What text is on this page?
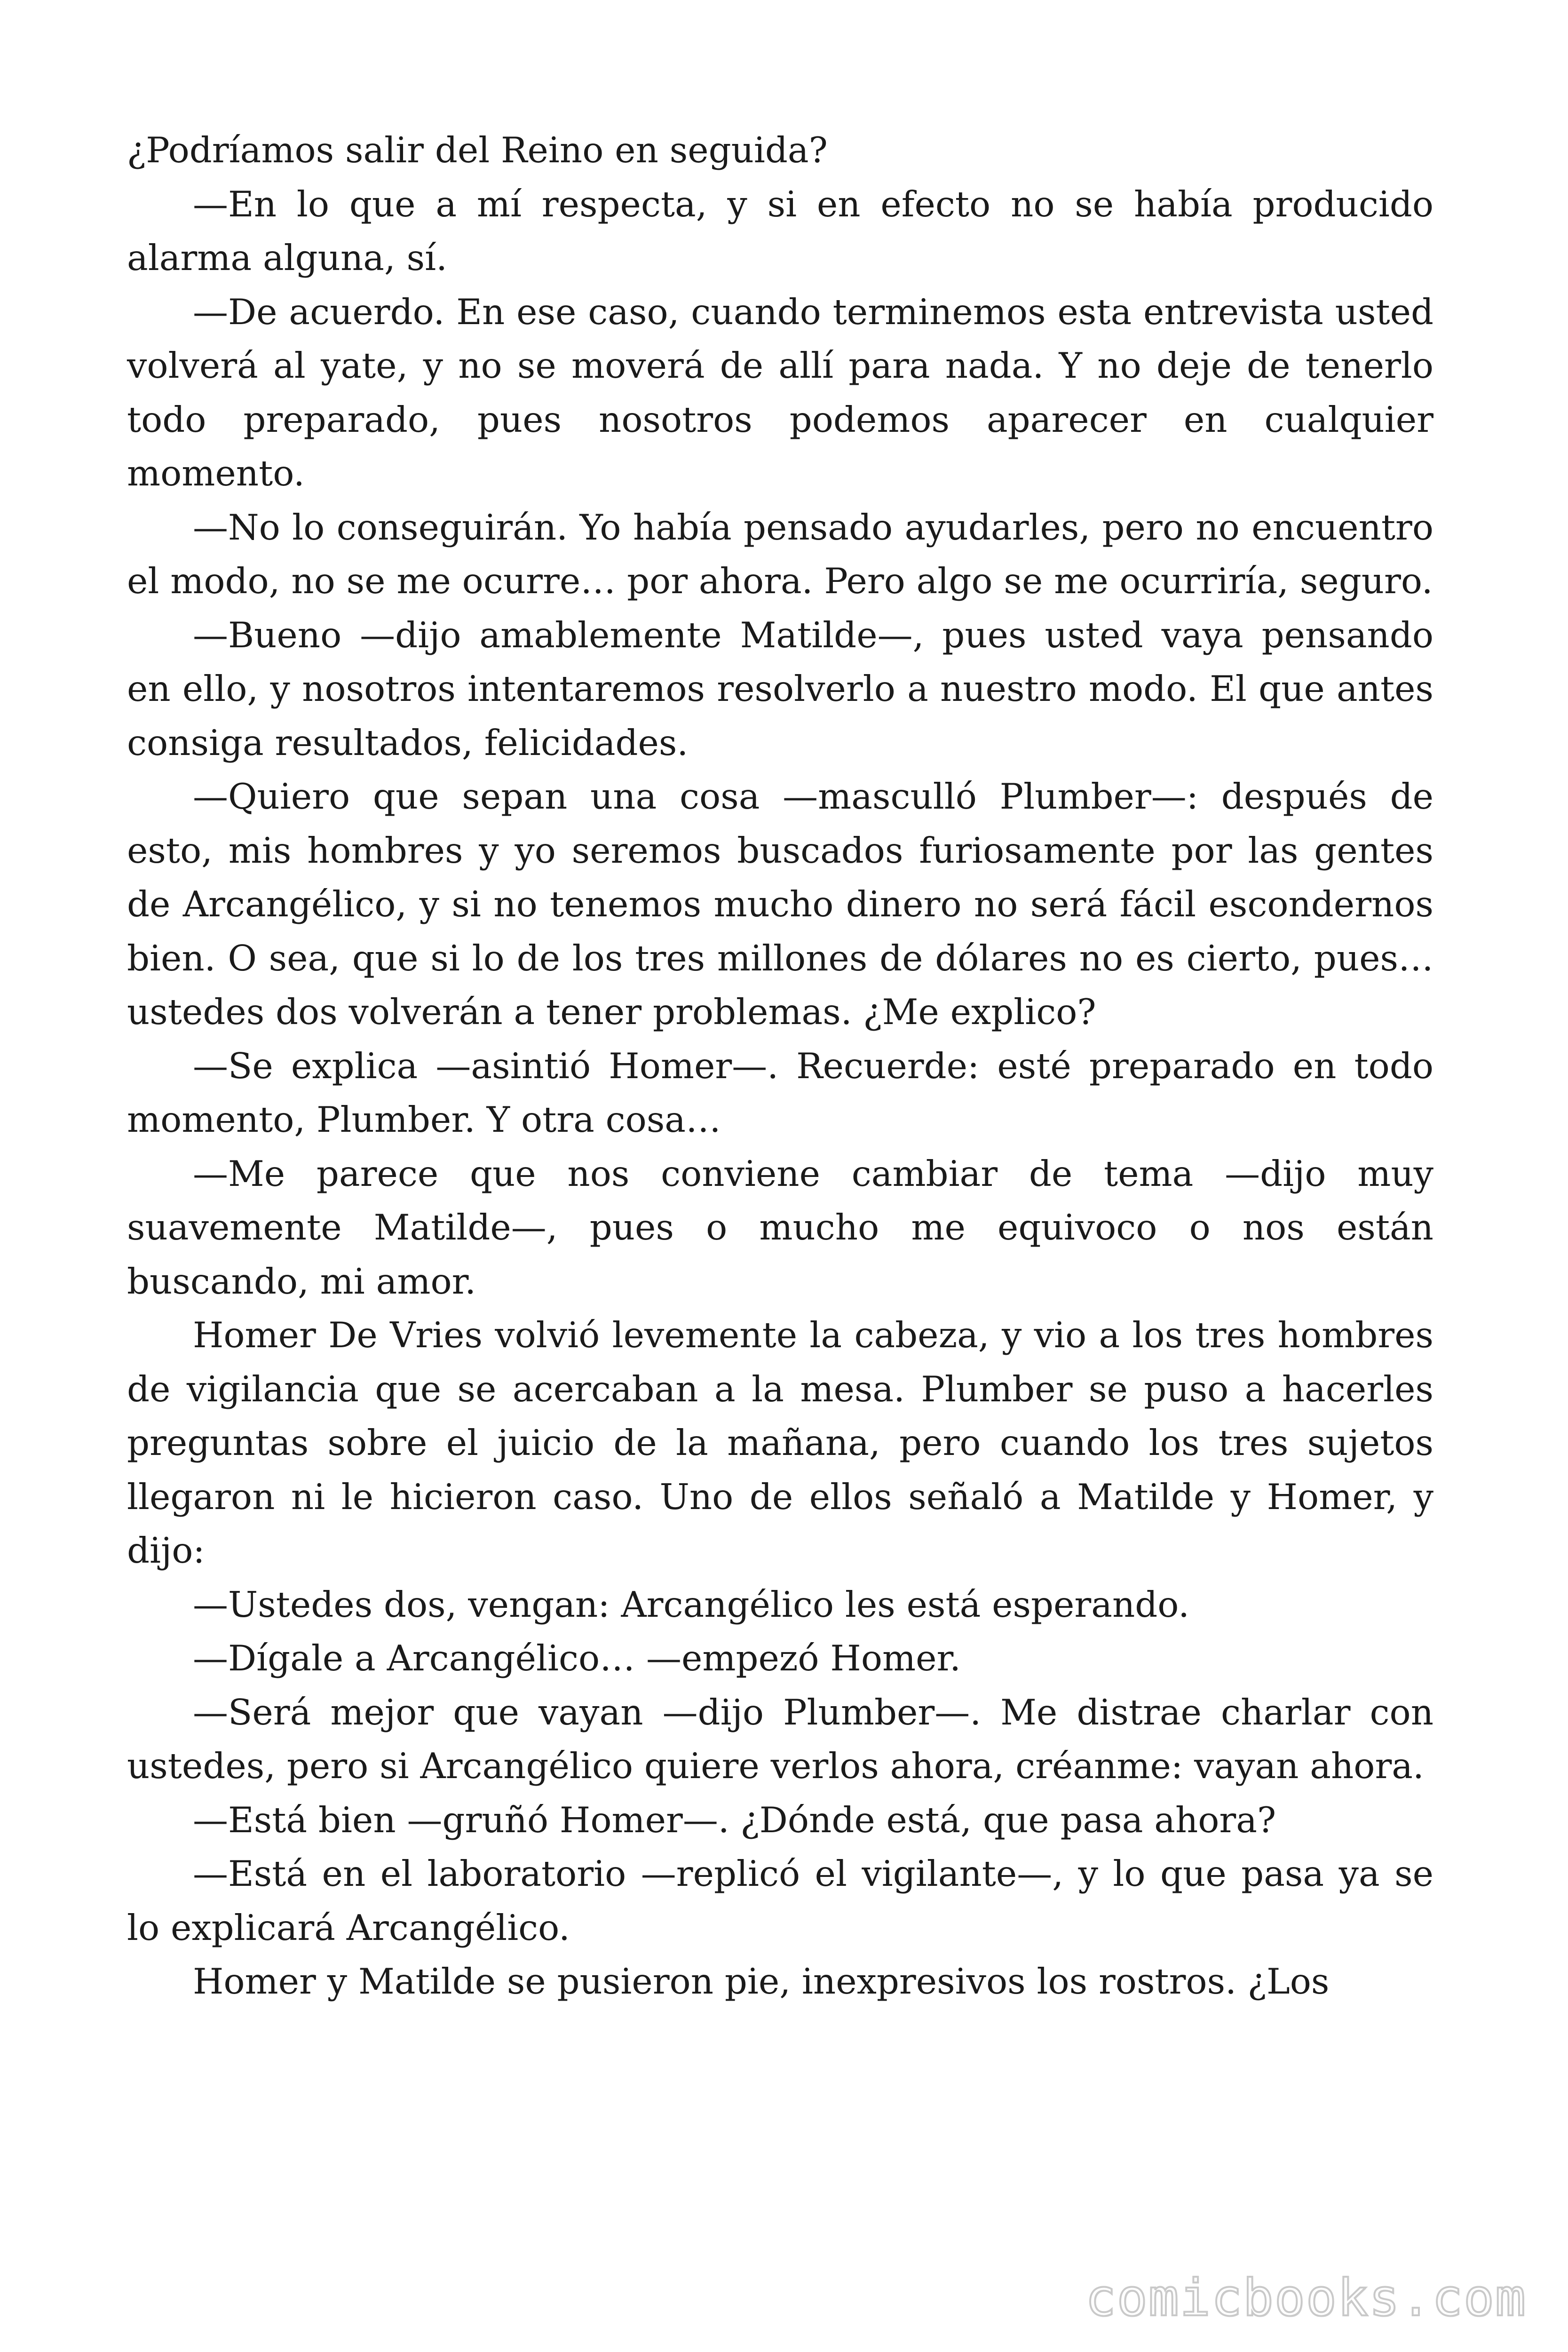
¿Podríamos salir del Reino en seguida?

—En lo que a mí respecta, y si en efecto no se había producido alarma alguna, sí.

—De acuerdo. En ese caso, cuando terminemos esta entrevista usted volverá al yate, y no se moverá de allí para nada. Y no deje de tenerlo todo preparado, pues nosotros podemos aparecer en cualquier momento.

—No lo conseguirán. Yo había pensado ayudarles, pero no encuentro el modo, no se me ocurre… por ahora. Pero algo se me ocurriría, seguro.

—Bueno —dijo amablemente Matilde—, pues usted vaya pensando en ello, y nosotros intentaremos resolverlo a nuestro modo. El que antes consiga resultados, felicidades.

—Quiero que sepan una cosa —masculló Plumber—: después de esto, mis hombres y yo seremos buscados furiosamente por las gentes de Arcangélico, y si no tenemos mucho dinero no será fácil escondernos bien. O sea, que si lo de los tres millones de dólares no es cierto, pues… ustedes dos volverán a tener problemas. ¿Me explico?

—Se explica —asintió Homer—. Recuerde: esté preparado en todo momento, Plumber. Y otra cosa…

—Me parece que nos conviene cambiar de tema —dijo muy suavemente Matilde—, pues o mucho me equivoco o nos están buscando, mi amor.

Homer De Vries volvió levemente la cabeza, y vio a los tres hombres de vigilancia que se acercaban a la mesa. Plumber se puso a hacerles preguntas sobre el juicio de la mañana, pero cuando los tres sujetos llegaron ni le hicieron caso. Uno de ellos señaló a Matilde y Homer, y dijo:

—Ustedes dos, vengan: Arcangélico les está esperando.

—Dígale a Arcangélico… —empezó Homer.

—Será mejor que vayan —dijo Plumber—. Me distrae charlar con ustedes, pero si Arcangélico quiere verlos ahora, créanme: vayan ahora.

—Está bien —gruñó Homer—. ¿Dónde está, que pasa ahora?

—Está en el laboratorio —replicó el vigilante—, y lo que pasa ya se lo explicará Arcangélico.

Homer y Matilde se pusieron pie, inexpresivos los rostros. ¿Los

comicbooks.com
